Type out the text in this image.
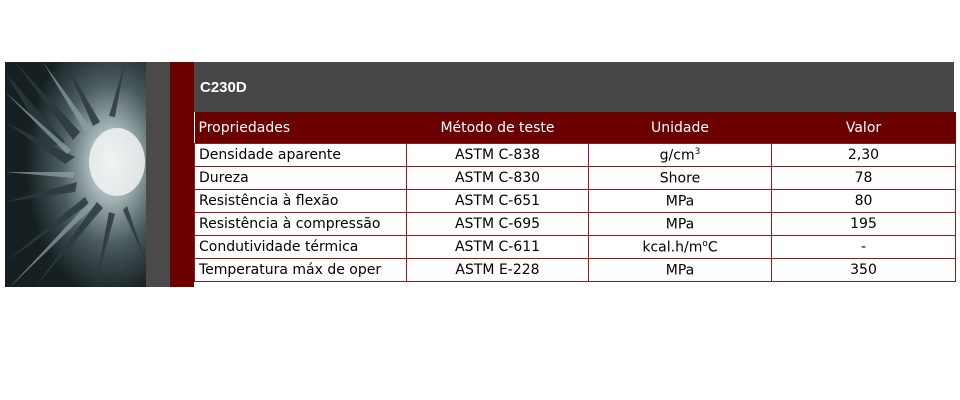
C230D
Propriedades	Método de teste	Unidade	Valor
Densidade aparente	ASTM C-838	$g/cm^3$	2,30
Dureza	ASTM C-830	Shore	78
Resistência à flexão	ASTM C-651	MPa	80
Resistência à compressão	ASTM C-695	MPa	195
Condutividade térmica	ASTM C-611	$kcal.h/m^oC$	-
Temperatura máx de oper	ASTM E-228	MPa	350
